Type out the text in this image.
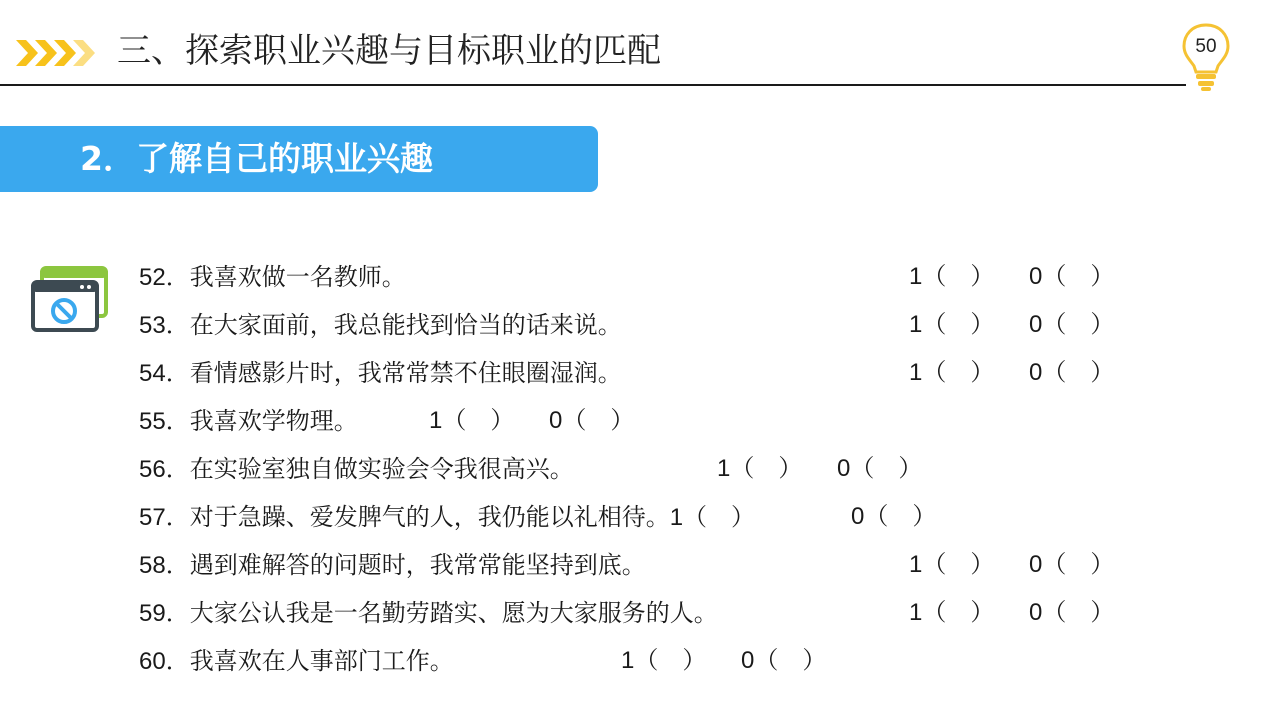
三、探索职业兴趣与目标职业的匹配	50
2．了解自己的职业兴趣
52．我喜欢做一名教师。	1（　） 0（　）
53．在大家面前，我总能找到恰当的话来说。	1（　） 0（　）
54．看情感影片时，我常常禁不住眼圈湿润。	1（　） 0（　）
55．我喜欢学物理。	1（　） 0（　）
56．在实验室独自做实验会令我很高兴。	1（　） 0（　）
57．对于急躁、爱发脾气的人，我仍能以礼相待。1（　）	0（　）
58．遇到难解答的问题时，我常常能坚持到底。	1（　） 0（　）
59．大家公认我是一名勤劳踏实、愿为大家服务的人。	1（　） 0（　）
60．我喜欢在人事部门工作。	1（　） 0（　）
